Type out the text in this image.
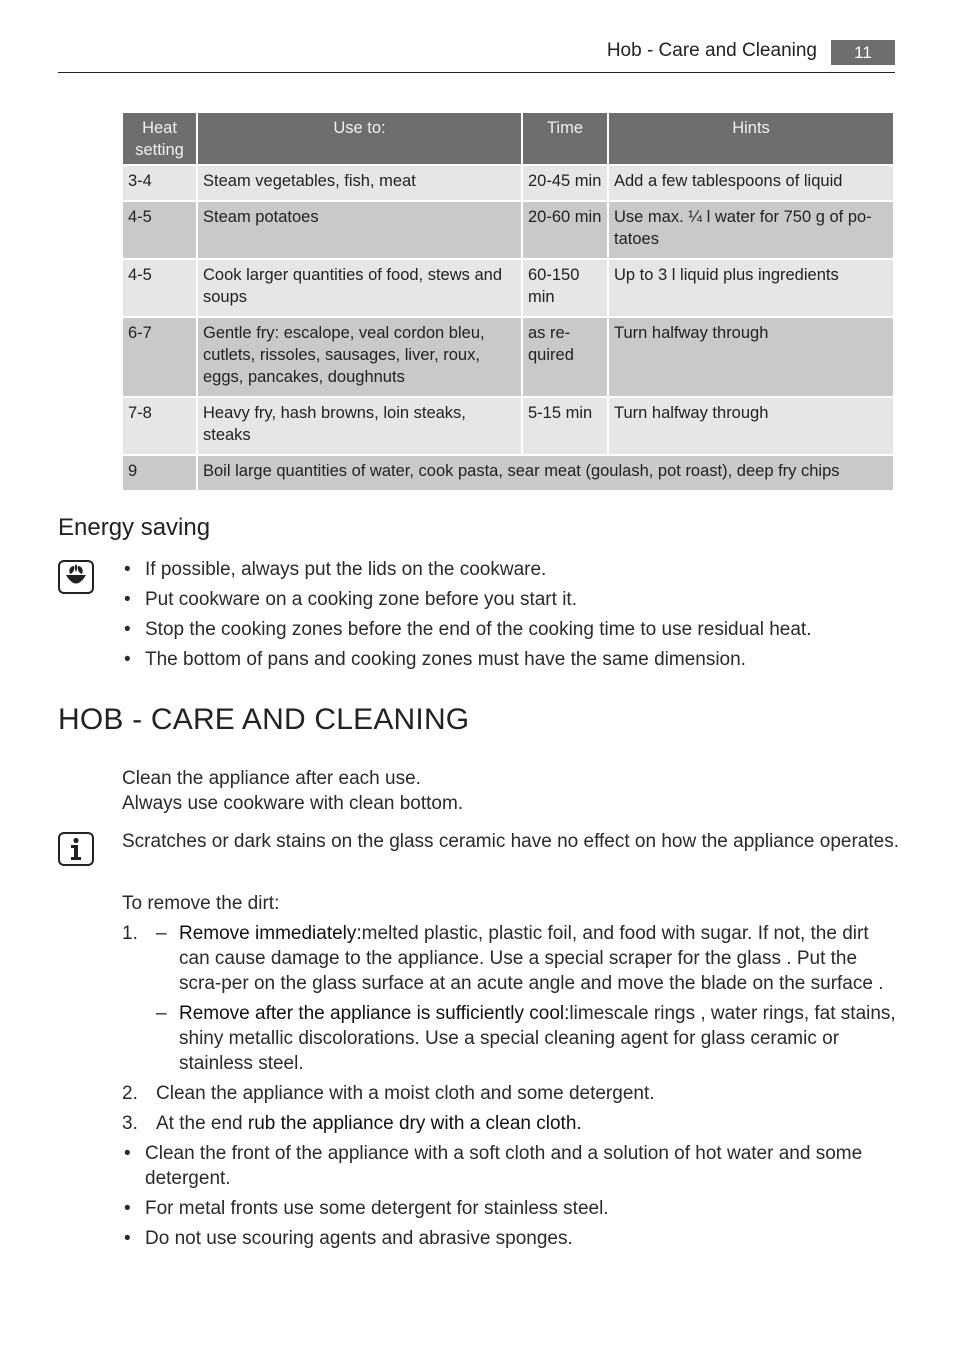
Hob - Care and Cleaning	11
Heat setting	Use to:	Time	Hints
3-4	Steam vegetables, fish, meat	20-45 min	Add a few tablespoons of liquid
4-5	Steam potatoes	20-60 min	Use max. ¼ l water for 750 g of po-tatoes
4-5	Cook larger quantities of food, stews and soups	60-150 min	Up to 3 l liquid plus ingredients
6-7	Gentle fry: escalope, veal cordon bleu, cutlets, rissoles, sausages, liver, roux, eggs, pancakes, doughnuts	as re-quired	Turn halfway through
7-8	Heavy fry, hash browns, loin steaks, steaks	5-15 min	Turn halfway through
9	Boil large quantities of water, cook pasta, sear meat (goulash, pot roast), deep fry chips		
Energy saving
• If possible, always put the lids on the cookware.
• Put cookware on a cooking zone before you start it.
• Stop the cooking zones before the end of the cooking time to use residual heat.
• The bottom of pans and cooking zones must have the same dimension.
HOB - CARE AND CLEANING
Clean the appliance after each use.
Always use cookware with clean bottom.
Scratches or dark stains on the glass ceramic have no effect on how the appliance operates.
To remove the dirt:
1. – Remove immediately:melted plastic, plastic foil, and food with sugar. If not, the dirt can cause damage to the appliance. Use a special scraper for the glass . Put the scra-per on the glass surface at an acute angle and move the blade on the surface .
– Remove after the appliance is sufficiently cool:limescale rings , water rings, fat stains, shiny metallic discolorations. Use a special cleaning agent for glass ceramic or stainless steel.
2. Clean the appliance with a moist cloth and some detergent.
3. At the end rub the appliance dry with a clean cloth.
• Clean the front of the appliance with a soft cloth and a solution of hot water and some detergent.
• For metal fronts use some detergent for stainless steel.
• Do not use scouring agents and abrasive sponges.
